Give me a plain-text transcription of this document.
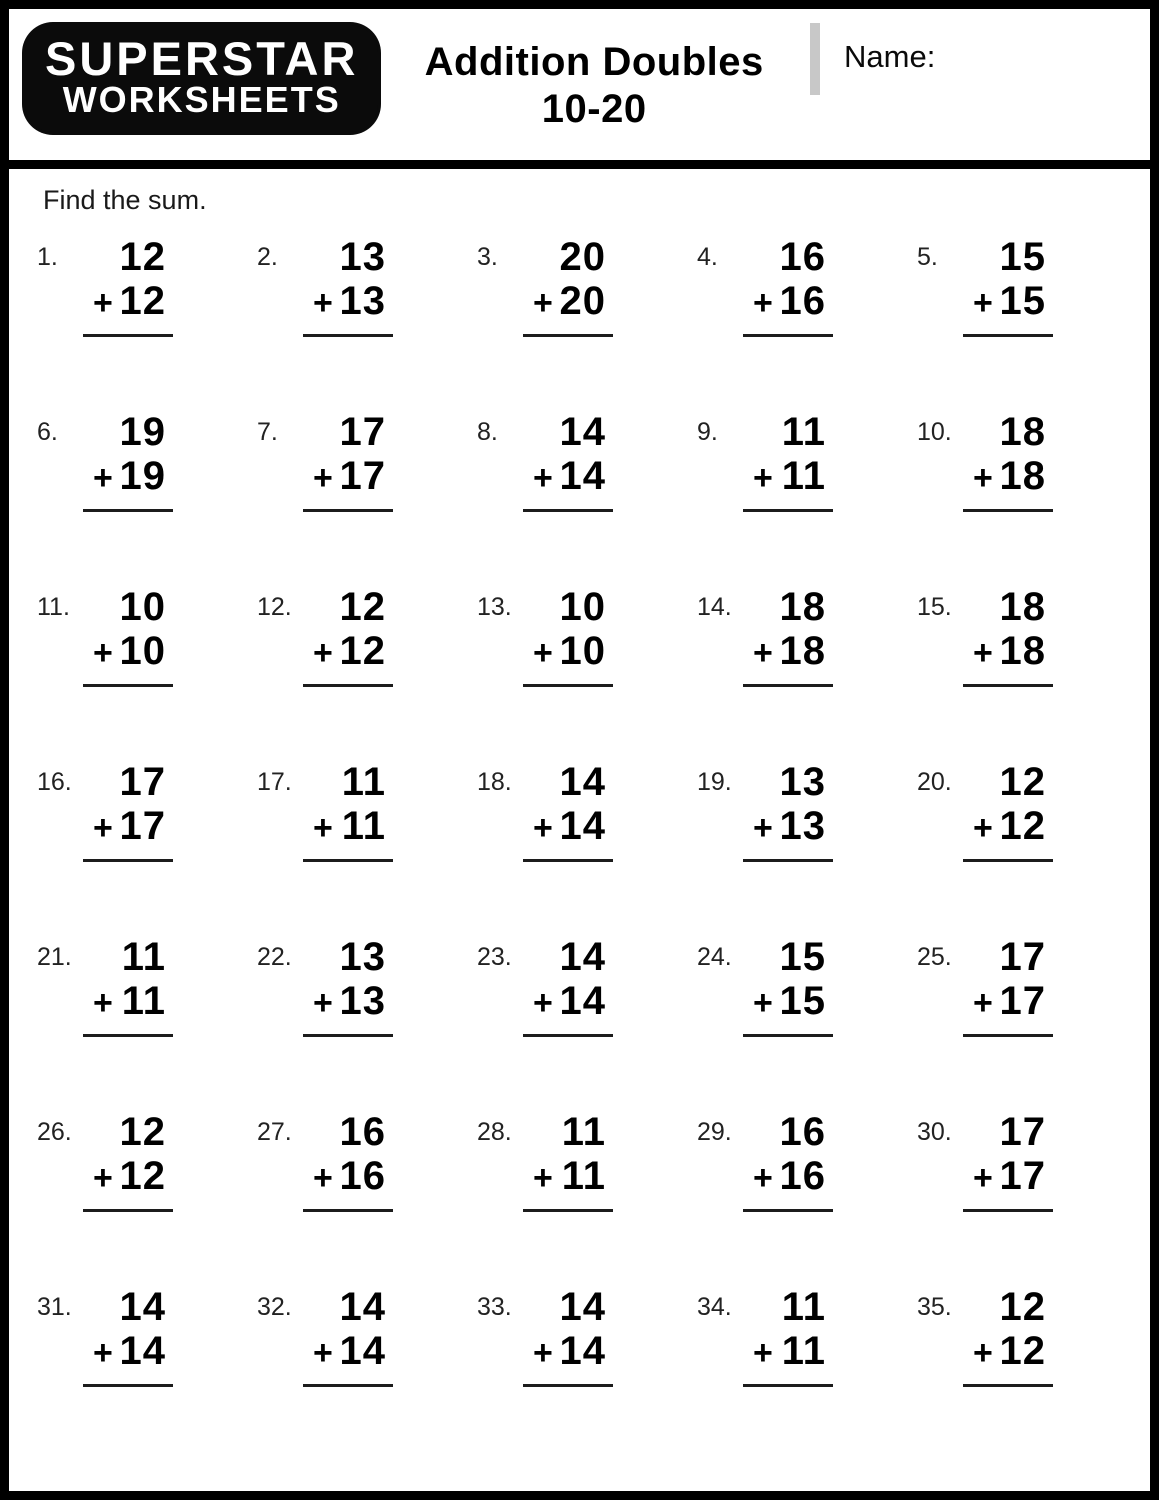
SUPERSTAR
WORKSHEETS
Addition Doubles
10-20
Name:
Find the sum.
1.	12
+ 12
2.	13
+ 13
3.	20
+ 20
4.	16
+ 16
5.	15
+ 15
6.	19
+ 19
7.	17
+ 17
8.	14
+ 14
9.	11
+ 11
10.	18
+ 18
11.	10
+ 10
12.	12
+ 12
13.	10
+ 10
14.	18
+ 18
15.	18
+ 18
16.	17
+ 17
17.	11
+ 11
18.	14
+ 14
19.	13
+ 13
20.	12
+ 12
21.	11
+ 11
22.	13
+ 13
23.	14
+ 14
24.	15
+ 15
25.	17
+ 17
26.	12
+ 12
27.	16
+ 16
28.	11
+ 11
29.	16
+ 16
30.	17
+ 17
31.	14
+ 14
32.	14
+ 14
33.	14
+ 14
34.	11
+ 11
35.	12
+ 12
